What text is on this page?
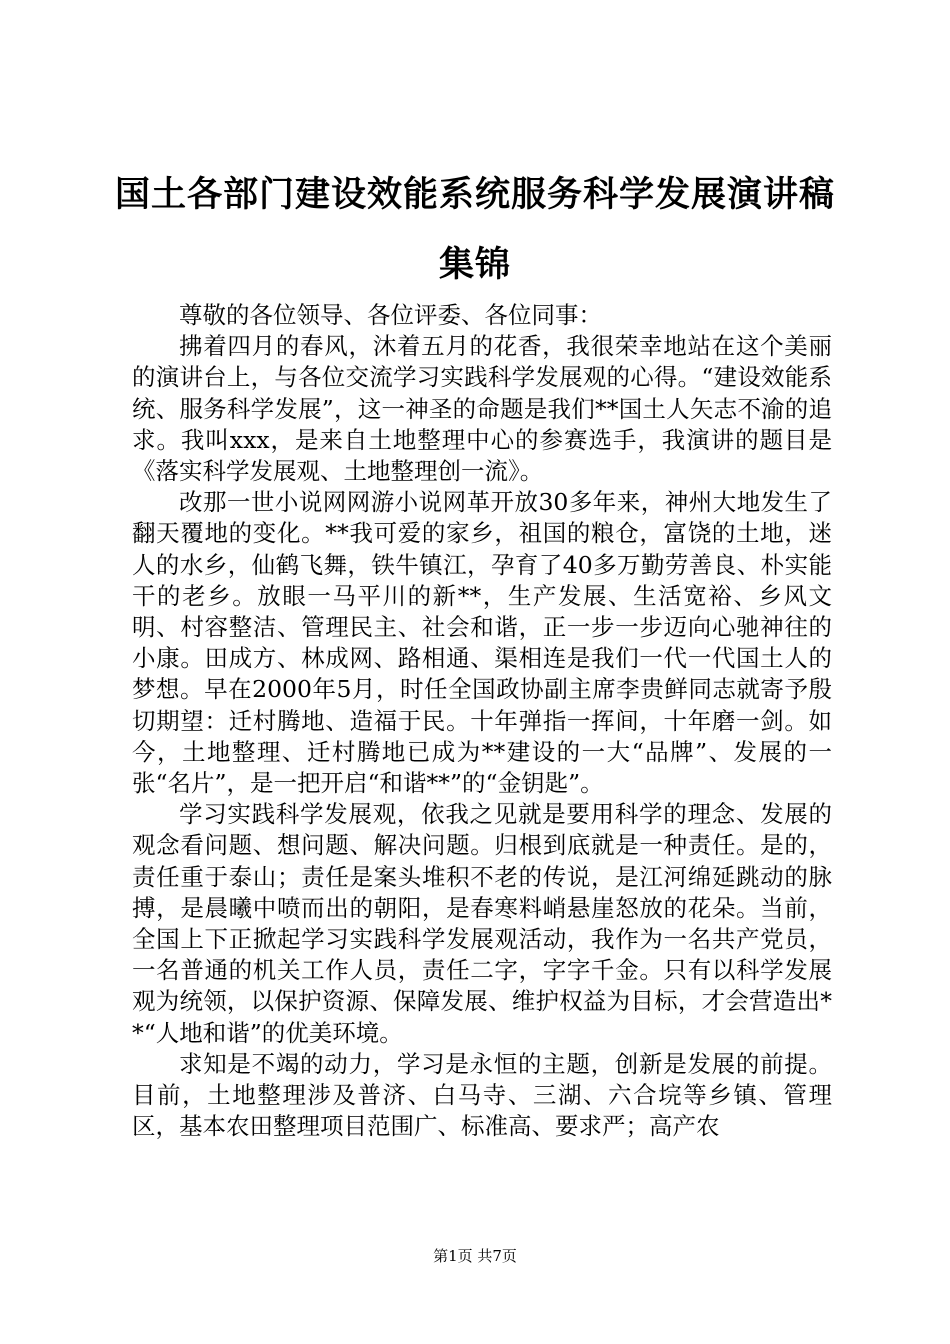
国土各部门建设效能系统服务科学发展演讲稿集锦

尊敬的各位领导、各位评委、各位同事：

拂着四月的春风，沐着五月的花香，我很荣幸地站在这个美丽的演讲台上，与各位交流学习实践科学发展观的心得。“建设效能系统、服务科学发展”，这一神圣的命题是我们**国土人矢志不渝的追求。我叫xxx，是来自土地整理中心的参赛选手，我演讲的题目是《落实科学发展观、土地整理创一流》。

改那一世小说网网游小说网革开放30多年来，神州大地发生了翻天覆地的变化。**我可爱的家乡，祖国的粮仓，富饶的土地，迷人的水乡，仙鹤飞舞，铁牛镇江，孕育了40多万勤劳善良、朴实能干的老乡。放眼一马平川的新**，生产发展、生活宽裕、乡风文明、村容整洁、管理民主、社会和谐，正一步一步迈向心驰神往的小康。田成方、林成网、路相通、渠相连是我们一代一代国土人的梦想。早在2000年5月，时任全国政协副主席李贵鲜同志就寄予殷切期望：迁村腾地、造福于民。十年弹指一挥间，十年磨一剑。如今，土地整理、迁村腾地已成为**建设的一大“品牌”、发展的一张“名片”，是一把开启“和谐**”的“金钥匙”。

学习实践科学发展观，依我之见就是要用科学的理念、发展的观念看问题、想问题、解决问题。归根到底就是一种责任。是的，责任重于泰山；责任是案头堆积不老的传说，是江河绵延跳动的脉搏，是晨曦中喷而出的朝阳，是春寒料峭悬崖怒放的花朵。当前，全国上下正掀起学习实践科学发展观活动，我作为一名共产党员，一名普通的机关工作人员，责任二字，字字千金。只有以科学发展观为统领，以保护资源、保障发展、维护权益为目标，才会营造出**“人地和谐”的优美环境。

求知是不竭的动力，学习是永恒的主题，创新是发展的前提。目前，土地整理涉及普济、白马寺、三湖、六合垸等乡镇、管理区，基本农田整理项目范围广、标准高、要求严；高产农

第1页 共7页
